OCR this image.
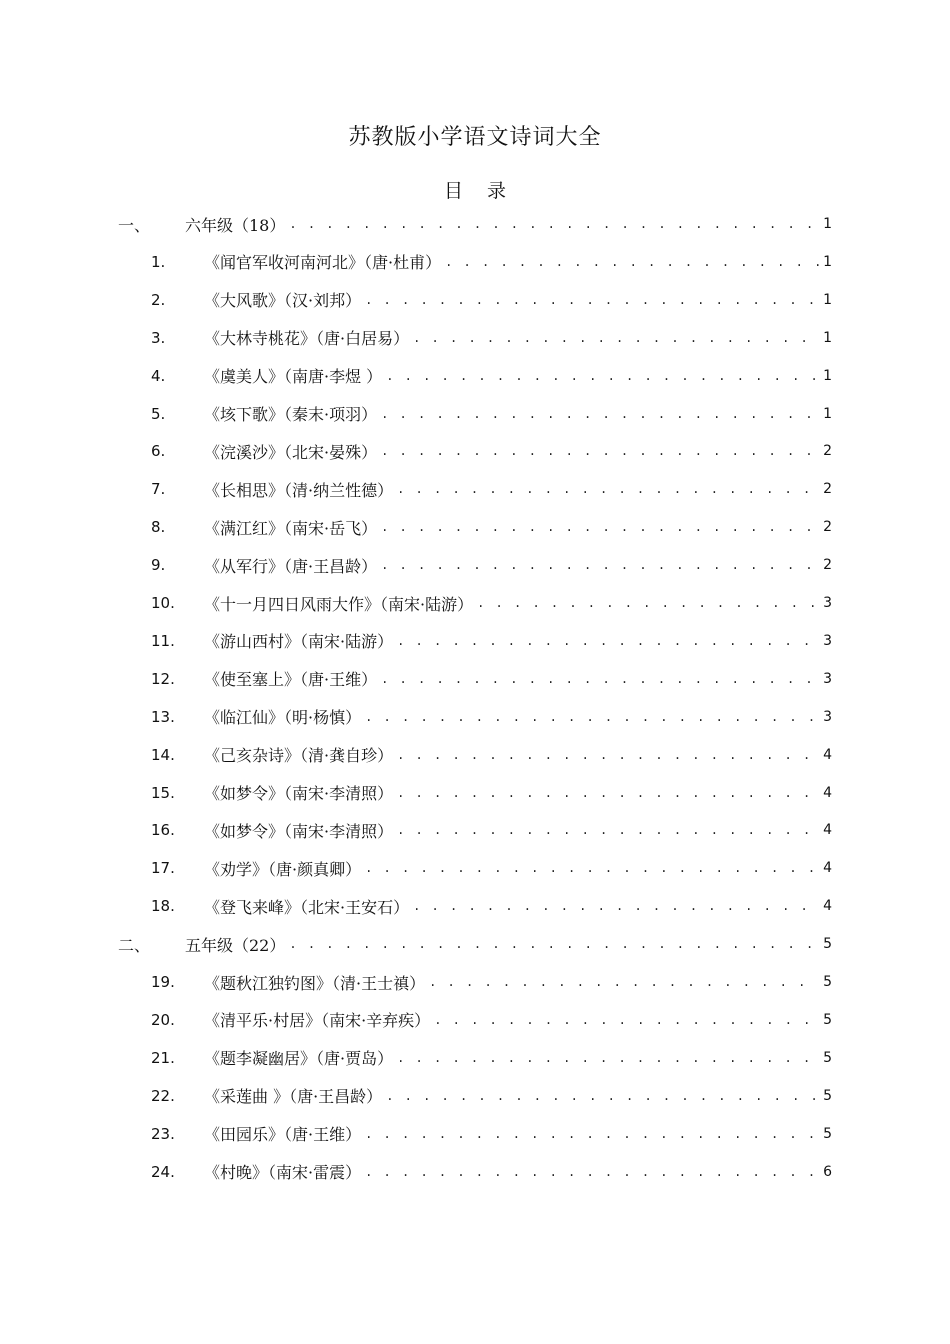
苏教版小学语文诗词大全
目录
一、 六年级（18） . . .	1
1. 《闻官军收河南河北》（唐·杜甫） . . .	1
2. 《大风歌》（汉·刘邦） . . .	1
3. 《大林寺桃花》（唐·白居易） . . .	1
4. 《虞美人》（南唐·李煜 ） . . .	1
5. 《垓下歌》（秦末·项羽） . . .	1
6. 《浣溪沙》（北宋·晏殊） . . .	2
7. 《长相思》（清·纳兰性德） . . .	2
8. 《满江红》（南宋·岳飞） . . .	2
9. 《从军行》（唐·王昌龄） . . .	2
10. 《十一月四日风雨大作》（南宋·陆游） . . .	3
11. 《游山西村》（南宋·陆游） . . .	3
12. 《使至塞上》（唐·王维） . . .	3
13. 《临江仙》（明·杨慎） . . .	3
14. 《己亥杂诗》（清·龚自珍） . . .	4
15. 《如梦令》（南宋·李清照） . . .	4
16. 《如梦令》（南宋·李清照） . . .	4
17. 《劝学》（唐·颜真卿） . . .	4
18. 《登飞来峰》（北宋·王安石） . . .	4
二、 五年级（22） . . .	5
19. 《题秋江独钓图》（清·王士禛） . . .	5
20. 《清平乐·村居》（南宋·辛弃疾） . . .	5
21. 《题李凝幽居》（唐·贾岛） . . .	5
22. 《采莲曲 》（唐·王昌龄） . . .	5
23. 《田园乐》（唐·王维） . . .	5
24. 《村晚》（南宋·雷震） . . .	6
